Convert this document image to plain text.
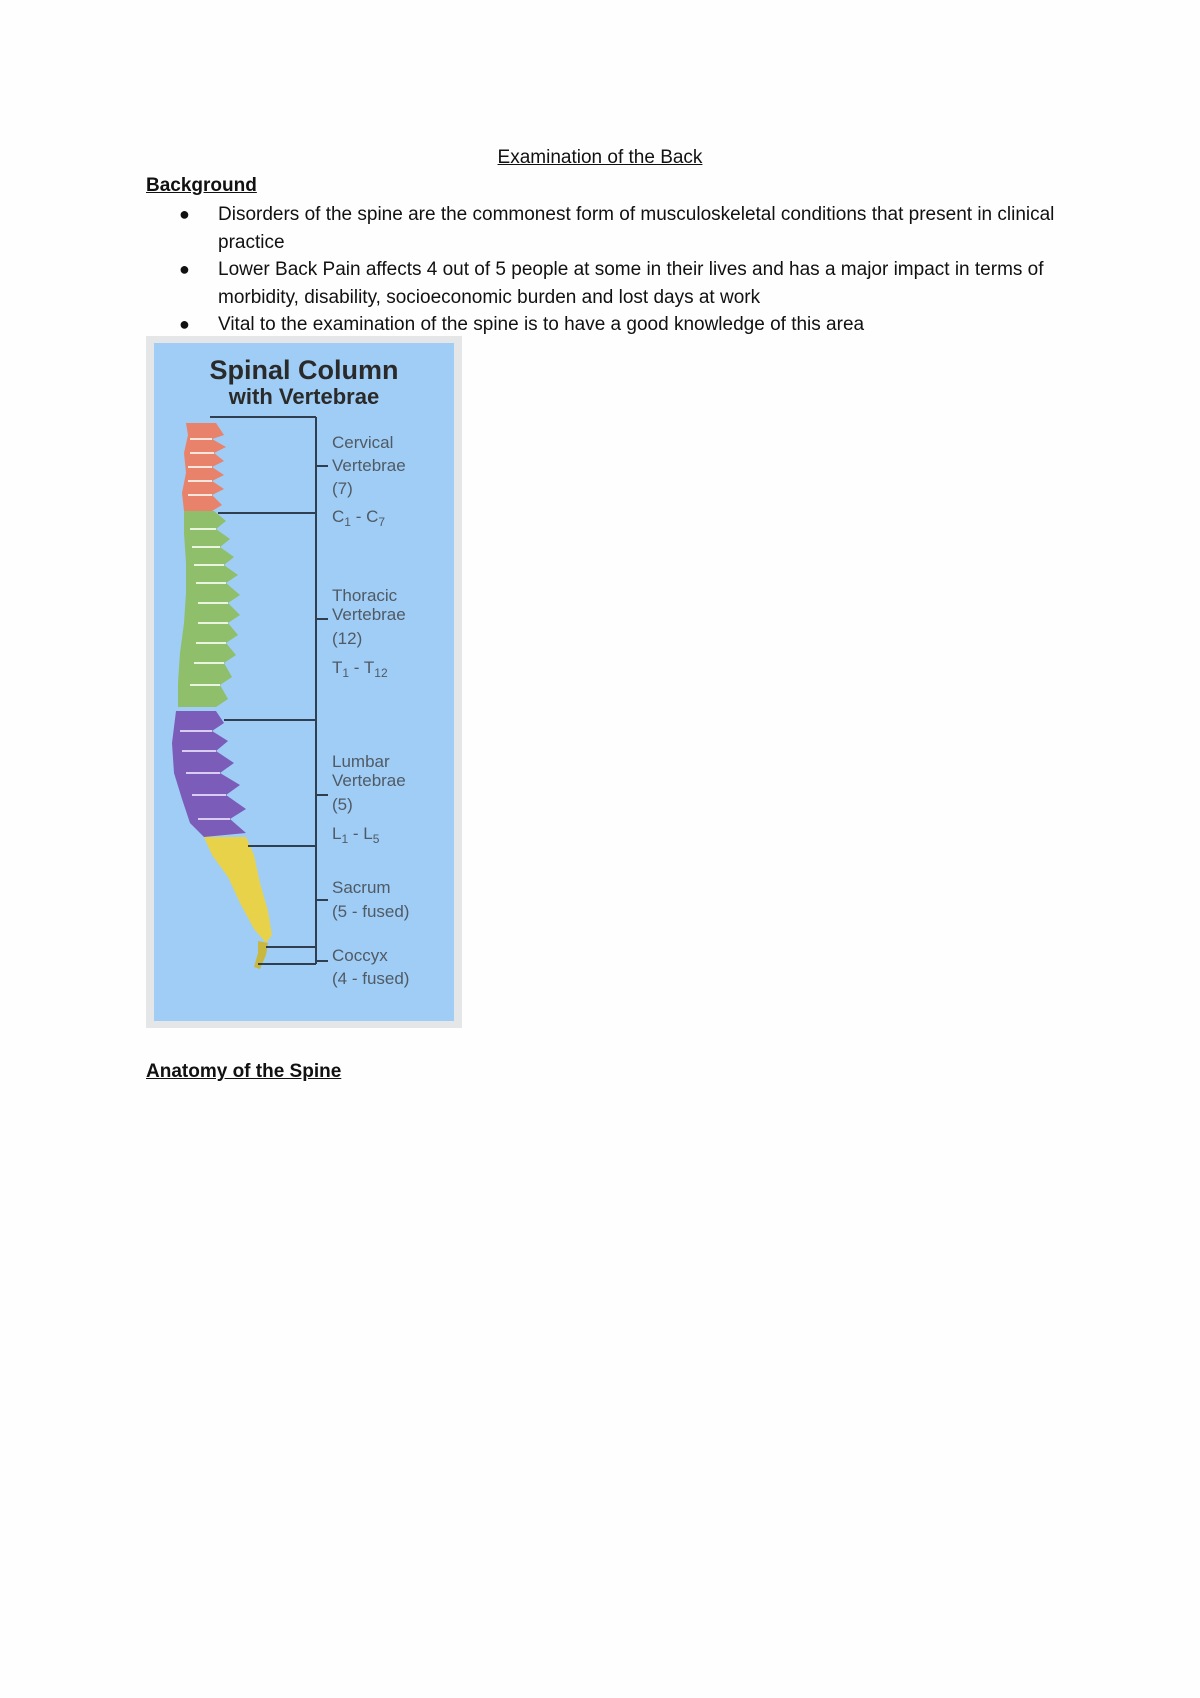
Examination of the Back
Background
● Disorders of the spine are the commonest form of musculoskeletal conditions that present in clinical practice
● Lower Back Pain affects 4 out of 5 people at some in their lives and has a major impact in terms of morbidity, disability, socioeconomic burden and lost days at work
● Vital to the examination of the spine is to have a good knowledge of this area
Spinal Column
with Vertebrae
Cervical
Vertebrae
(7)
$C_1 - C_7$
Thoracic
Vertebrae
(12)
$T_1 - T_{12}$
Lumbar
Vertebrae
(5)
$L_1 - L_5$
Sacrum
(5 - fused)
Coccyx
(4 - fused)
Anatomy of the Spine
